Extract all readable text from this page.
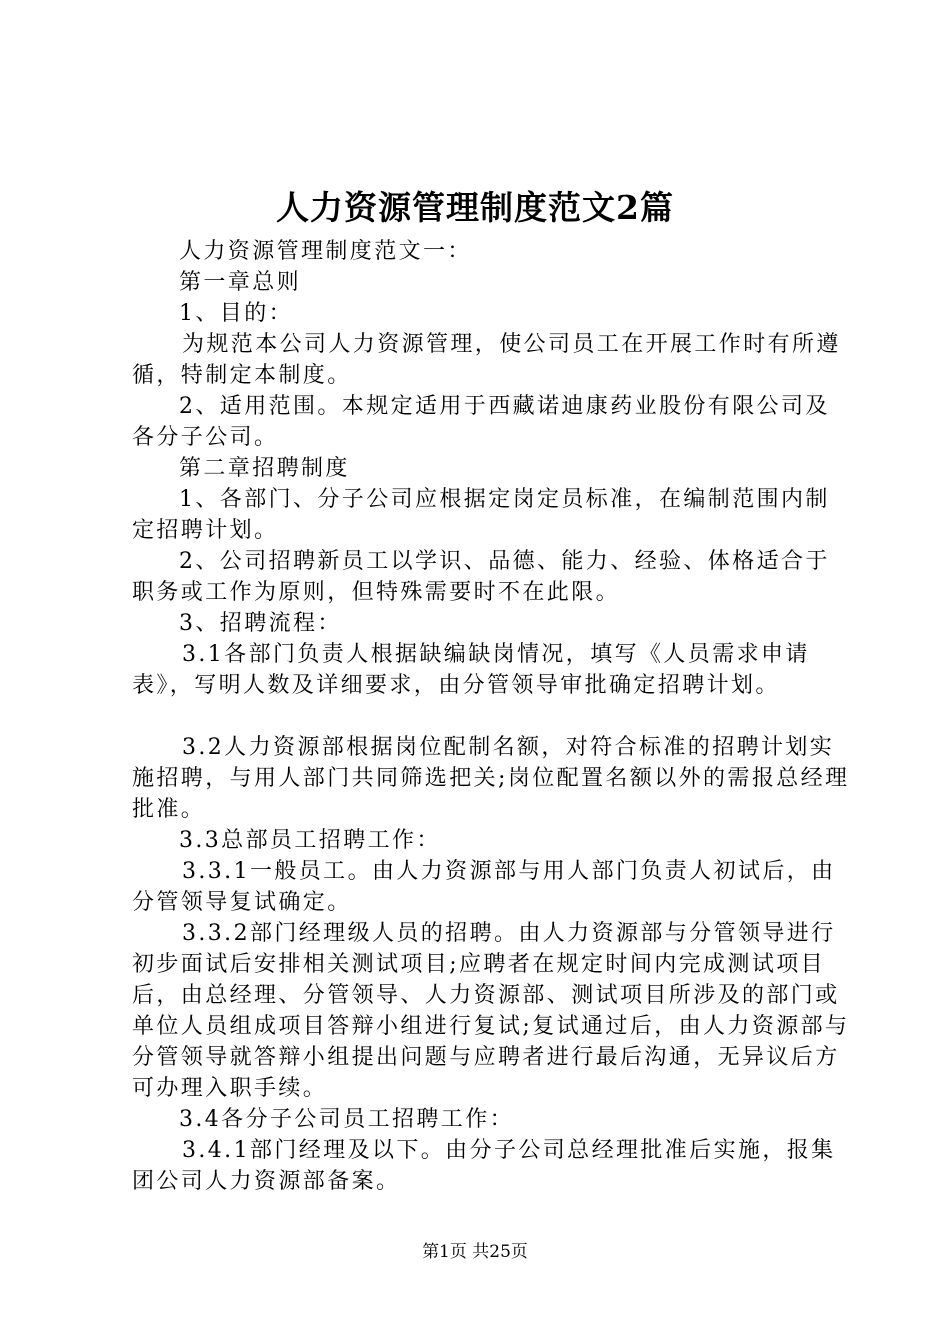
人力资源管理制度范文2篇

人力资源管理制度范文一：

第一章总则

1、目的：

为规范本公司人力资源管理，使公司员工在开展工作时有所遵循，特制定本制度。

2、适用范围。本规定适用于西藏诺迪康药业股份有限公司及各分子公司。

第二章招聘制度

1、各部门、分子公司应根据定岗定员标准，在编制范围内制定招聘计划。

2、公司招聘新员工以学识、品德、能力、经验、体格适合于职务或工作为原则，但特殊需要时不在此限。

3、招聘流程：

3.1各部门负责人根据缺编缺岗情况，填写《人员需求申请表》，写明人数及详细要求，由分管领导审批确定招聘计划。

3.2人力资源部根据岗位配制名额，对符合标准的招聘计划实施招聘，与用人部门共同筛选把关;岗位配置名额以外的需报总经理批准。

3.3总部员工招聘工作：

3.3.1一般员工。由人力资源部与用人部门负责人初试后，由分管领导复试确定。

3.3.2部门经理级人员的招聘。由人力资源部与分管领导进行初步面试后安排相关测试项目;应聘者在规定时间内完成测试项目后，由总经理、分管领导、人力资源部、测试项目所涉及的部门或单位人员组成项目答辩小组进行复试;复试通过后，由人力资源部与分管领导就答辩小组提出问题与应聘者进行最后沟通，无异议后方可办理入职手续。

3.4各分子公司员工招聘工作：

3.4.1部门经理及以下。由分子公司总经理批准后实施，报集团公司人力资源部备案。

第1页 共25页
